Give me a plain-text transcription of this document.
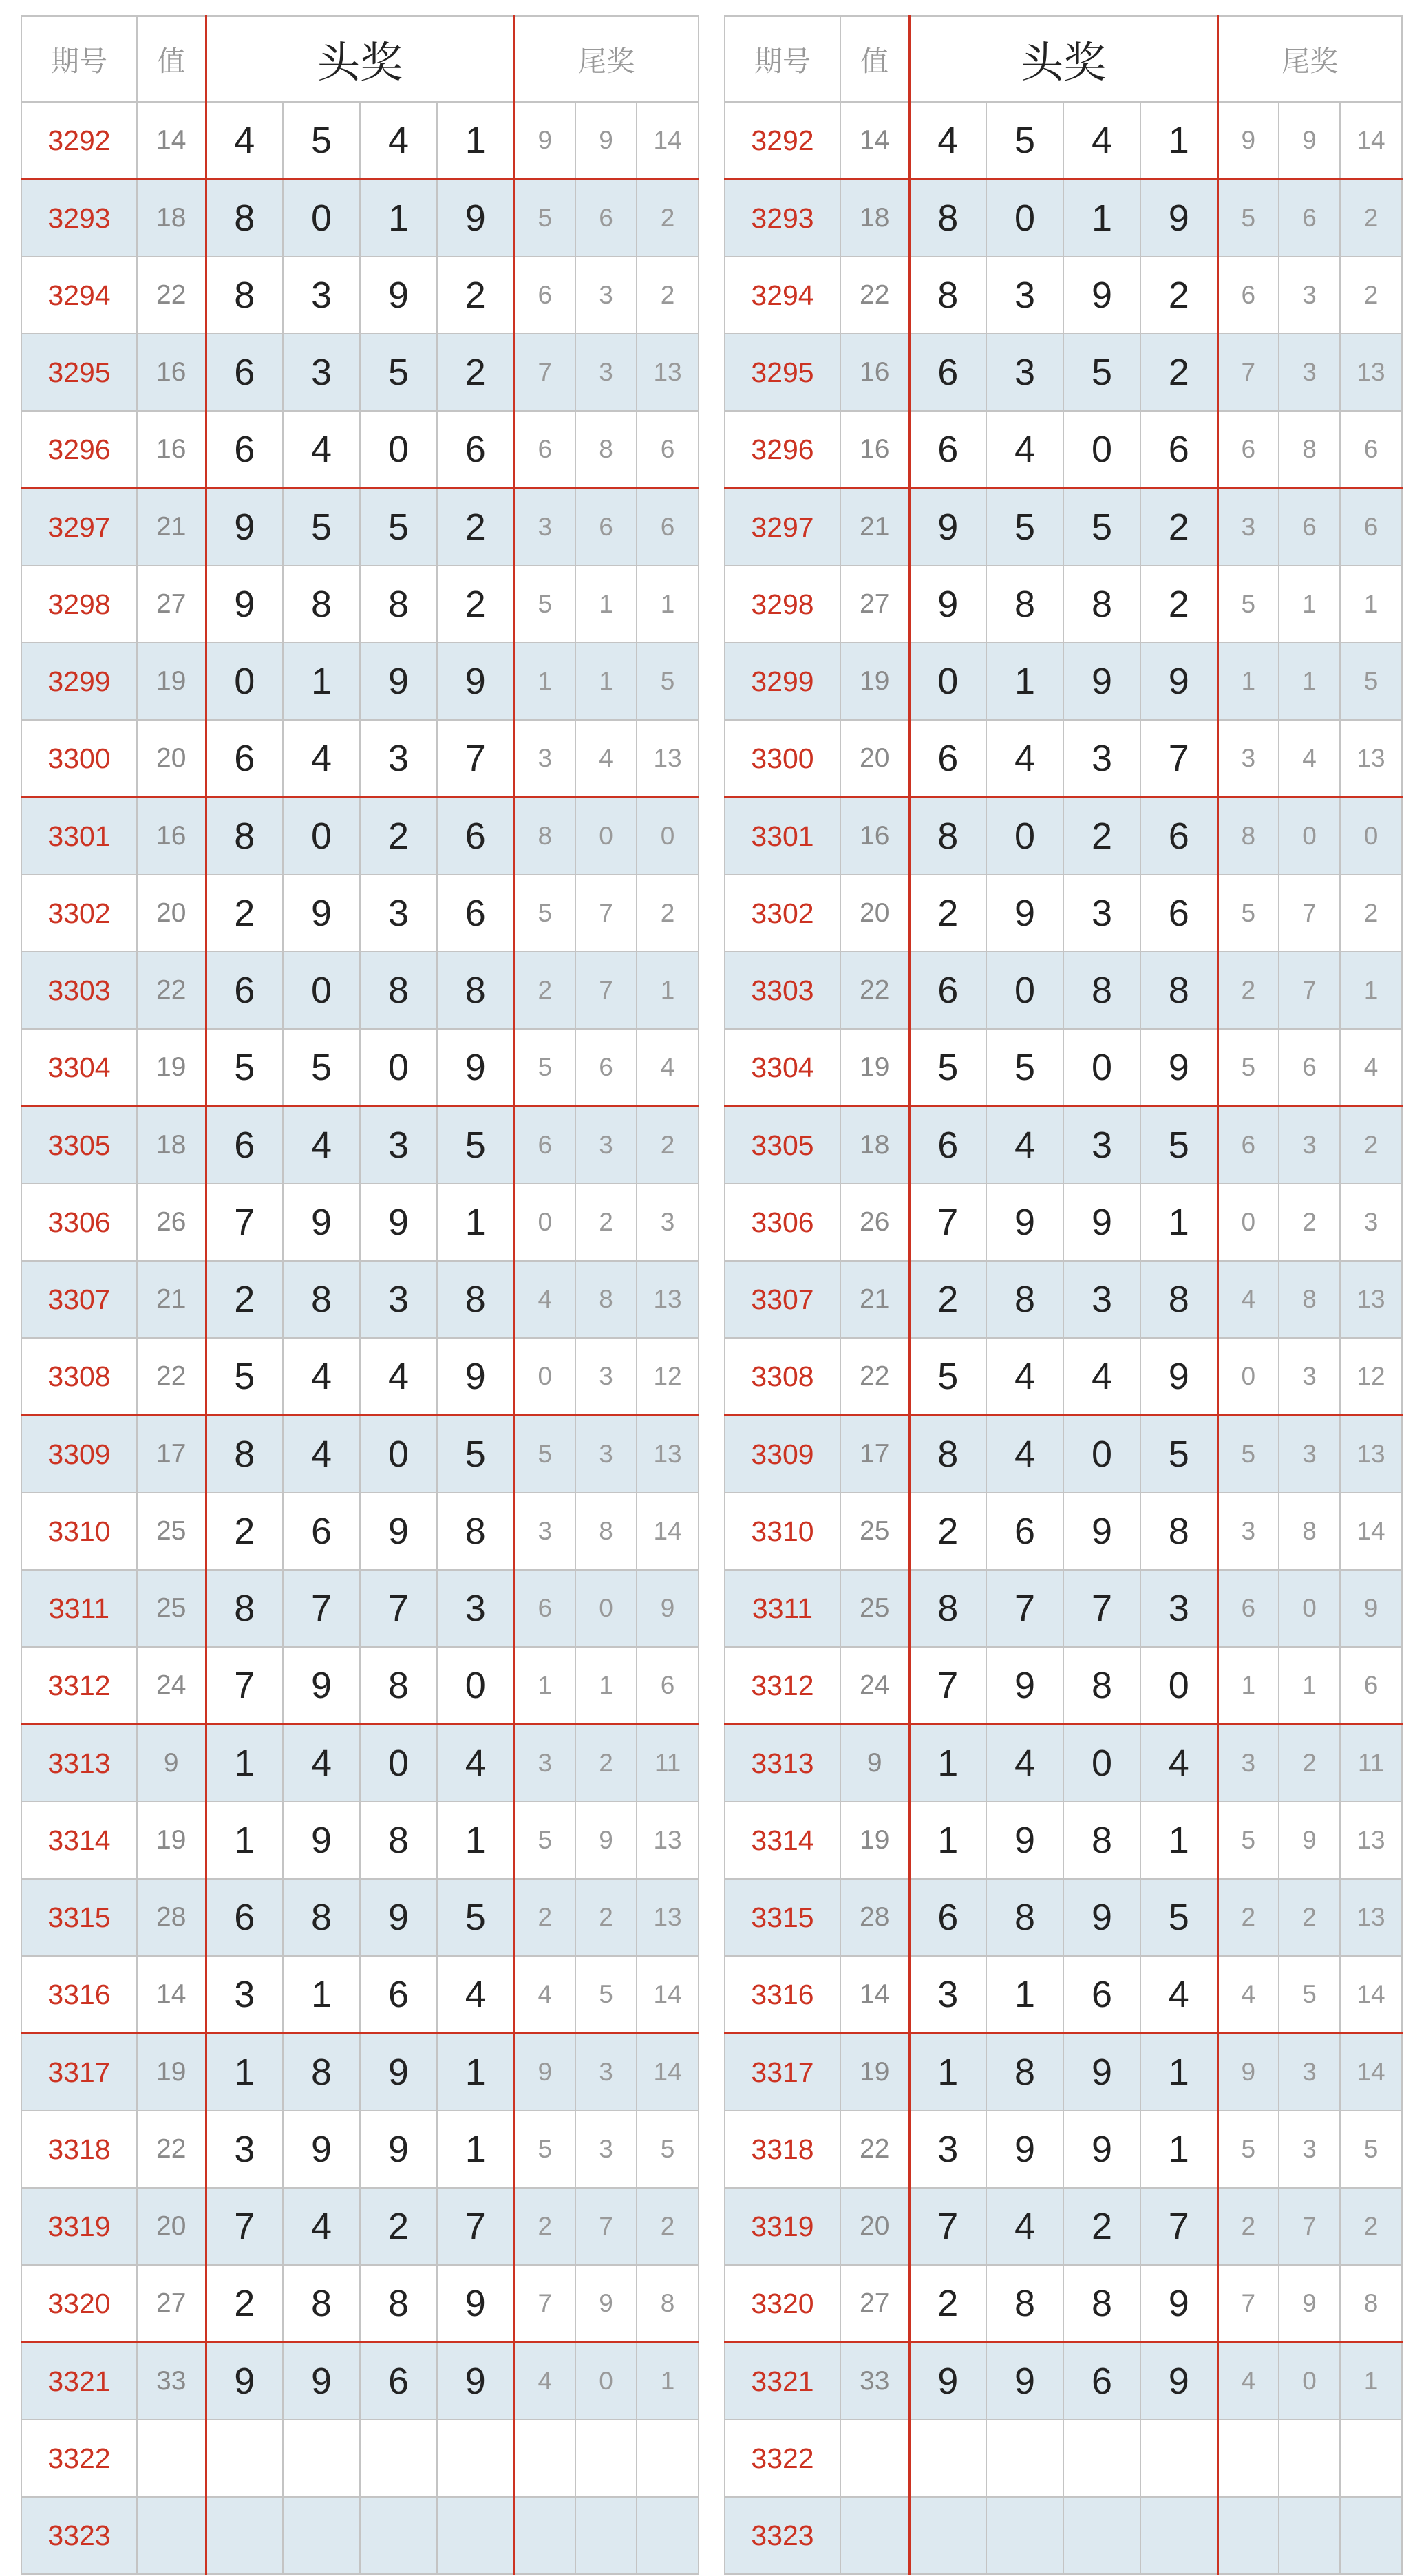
期号	值	头奖				尾奖		
3292	14	4	5	4	1	9	9	14
3293	18	8	0	1	9	5	6	2
3294	22	8	3	9	2	6	3	2
3295	16	6	3	5	2	7	3	13
3296	16	6	4	0	6	6	8	6
3297	21	9	5	5	2	3	6	6
3298	27	9	8	8	2	5	1	1
3299	19	0	1	9	9	1	1	5
3300	20	6	4	3	7	3	4	13
3301	16	8	0	2	6	8	0	0
3302	20	2	9	3	6	5	7	2
3303	22	6	0	8	8	2	7	1
3304	19	5	5	0	9	5	6	4
3305	18	6	4	3	5	6	3	2
3306	26	7	9	9	1	0	2	3
3307	21	2	8	3	8	4	8	13
3308	22	5	4	4	9	0	3	12
3309	17	8	4	0	5	5	3	13
3310	25	2	6	9	8	3	8	14
3311	25	8	7	7	3	6	0	9
3312	24	7	9	8	0	1	1	6
3313	9	1	4	0	4	3	2	11
3314	19	1	9	8	1	5	9	13
3315	28	6	8	9	5	2	2	13
3316	14	3	1	6	4	4	5	14
3317	19	1	8	9	1	9	3	14
3318	22	3	9	9	1	5	3	5
3319	20	7	4	2	7	2	7	2
3320	27	2	8	8	9	7	9	8
3321	33	9	9	6	9	4	0	1
3322								
3323								
期号	值	头奖				尾奖		
3292	14	4	5	4	1	9	9	14
3293	18	8	0	1	9	5	6	2
3294	22	8	3	9	2	6	3	2
3295	16	6	3	5	2	7	3	13
3296	16	6	4	0	6	6	8	6
3297	21	9	5	5	2	3	6	6
3298	27	9	8	8	2	5	1	1
3299	19	0	1	9	9	1	1	5
3300	20	6	4	3	7	3	4	13
3301	16	8	0	2	6	8	0	0
3302	20	2	9	3	6	5	7	2
3303	22	6	0	8	8	2	7	1
3304	19	5	5	0	9	5	6	4
3305	18	6	4	3	5	6	3	2
3306	26	7	9	9	1	0	2	3
3307	21	2	8	3	8	4	8	13
3308	22	5	4	4	9	0	3	12
3309	17	8	4	0	5	5	3	13
3310	25	2	6	9	8	3	8	14
3311	25	8	7	7	3	6	0	9
3312	24	7	9	8	0	1	1	6
3313	9	1	4	0	4	3	2	11
3314	19	1	9	8	1	5	9	13
3315	28	6	8	9	5	2	2	13
3316	14	3	1	6	4	4	5	14
3317	19	1	8	9	1	9	3	14
3318	22	3	9	9	1	5	3	5
3319	20	7	4	2	7	2	7	2
3320	27	2	8	8	9	7	9	8
3321	33	9	9	6	9	4	0	1
3322								
3323								
